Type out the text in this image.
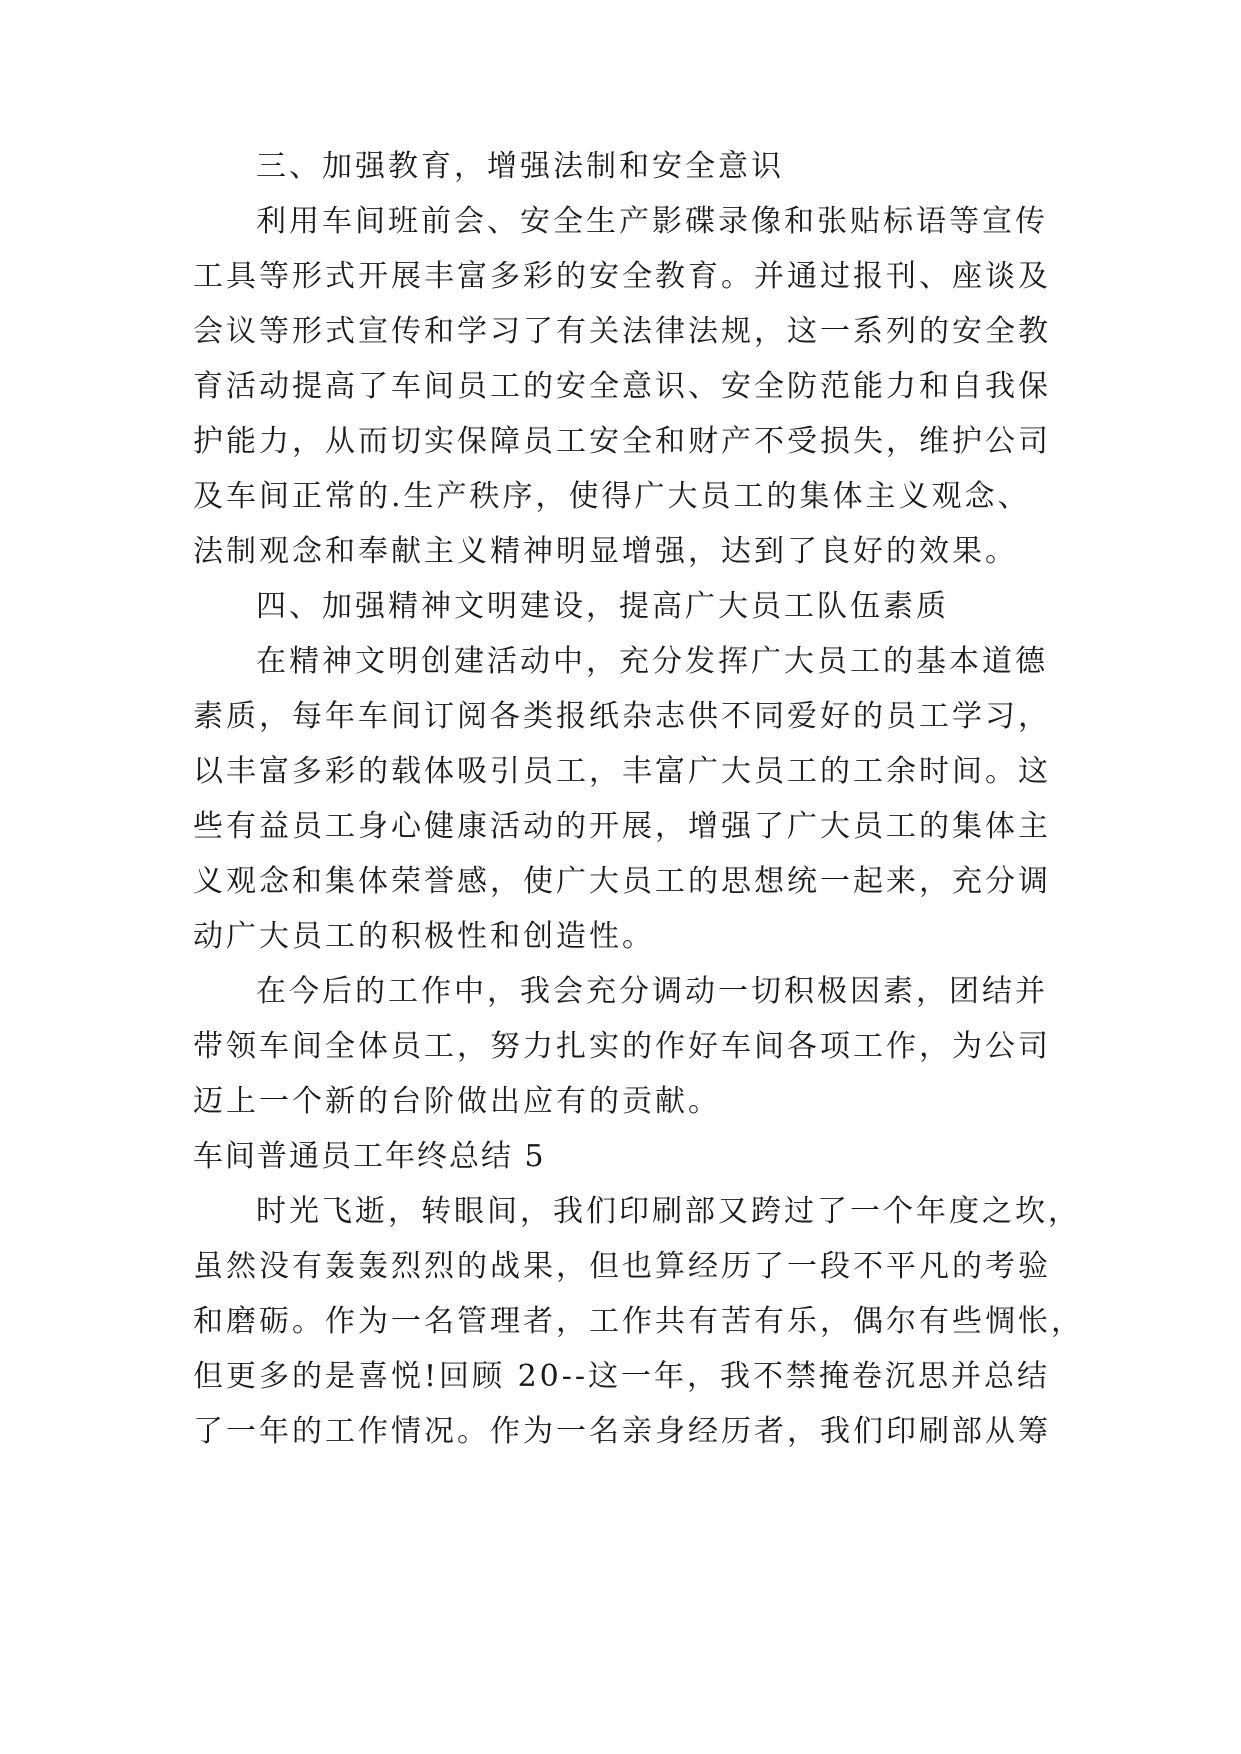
三、加强教育，增强法制和安全意识
利用车间班前会、安全生产影碟录像和张贴标语等宣传
工具等形式开展丰富多彩的安全教育。并通过报刊、座谈及
会议等形式宣传和学习了有关法律法规，这一系列的安全教
育活动提高了车间员工的安全意识、安全防范能力和自我保
护能力，从而切实保障员工安全和财产不受损失，维护公司
及车间正常的.生产秩序，使得广大员工的集体主义观念、
法制观念和奉献主义精神明显增强，达到了良好的效果。
四、加强精神文明建设，提高广大员工队伍素质
在精神文明创建活动中，充分发挥广大员工的基本道德
素质，每年车间订阅各类报纸杂志供不同爱好的员工学习，
以丰富多彩的载体吸引员工，丰富广大员工的工余时间。这
些有益员工身心健康活动的开展，增强了广大员工的集体主
义观念和集体荣誉感，使广大员工的思想统一起来，充分调
动广大员工的积极性和创造性。
在今后的工作中，我会充分调动一切积极因素，团结并
带领车间全体员工，努力扎实的作好车间各项工作，为公司
迈上一个新的台阶做出应有的贡献。
车间普通员工年终总结 5
时光飞逝，转眼间，我们印刷部又跨过了一个年度之坎，
虽然没有轰轰烈烈的战果，但也算经历了一段不平凡的考验
和磨砺。作为一名管理者，工作共有苦有乐，偶尔有些惆怅，
但更多的是喜悦!回顾 20--这一年，我不禁掩卷沉思并总结
了一年的工作情况。作为一名亲身经历者，我们印刷部从筹
